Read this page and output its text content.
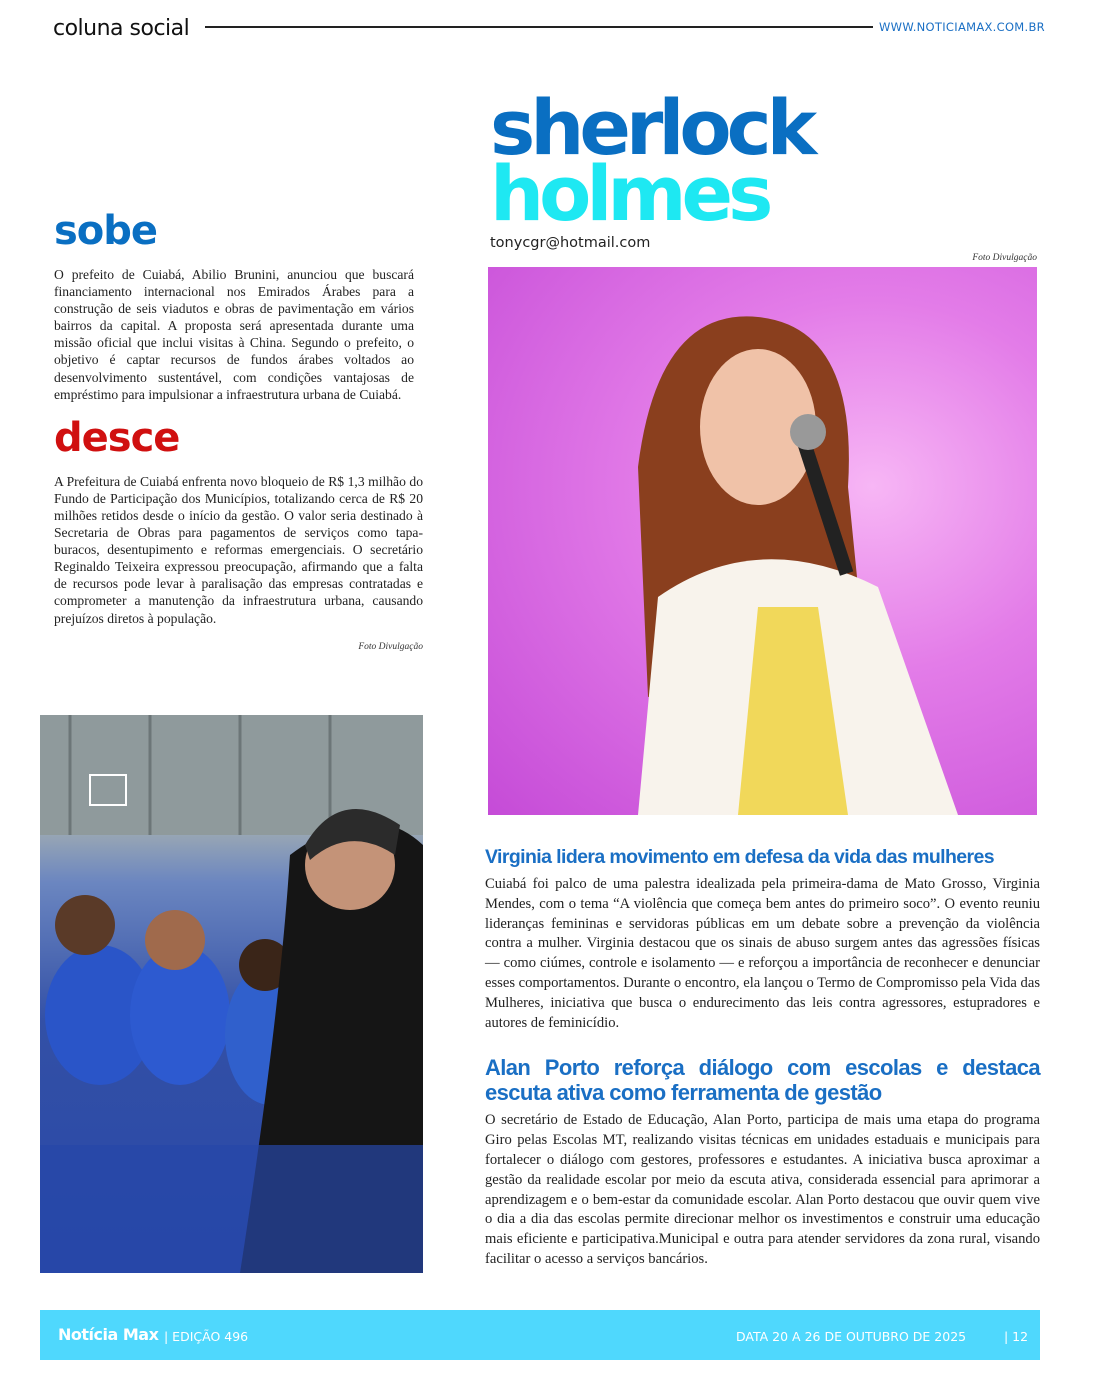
coluna social	WWW.NOTICIAMAX.COM.BR
sobe

O prefeito de Cuiabá, Abilio Brunini, anunciou que buscará financiamento internacional nos Emirados Árabes para a construção de seis viadutos e obras de pavimentação em vários bairros da capital. A proposta será apresentada durante uma missão oficial que inclui visitas à China. Segundo o prefeito, o objetivo é captar recursos de fundos árabes voltados ao desenvolvimento sustentável, com condições vantajosas de empréstimo para impulsionar a infraestrutura urbana de Cuiabá.

desce

A Prefeitura de Cuiabá enfrenta novo bloqueio de R$ 1,3 milhão do Fundo de Participação dos Municípios, totalizando cerca de R$ 20 milhões retidos desde o início da gestão. O valor seria destinado à Secretaria de Obras para pagamentos de serviços como tapa-buracos, desentupimento e reformas emergenciais. O secretário Reginaldo Teixeira expressou preocupação, afirmando que a falta de recursos pode levar à paralisação das empresas contratadas e comprometer a manutenção da infraestrutura urbana, causando prejuízos diretos à população.

Foto Divulgação
sherlock
holmes
tonycgr@hotmail.com
Foto Divulgação
Virginia lidera movimento em defesa da vida das mulheres

Cuiabá foi palco de uma palestra idealizada pela primeira-dama de Mato Grosso, Virginia Mendes, com o tema “A violência que começa bem antes do primeiro soco”. O evento reuniu lideranças femininas e servidoras públicas em um debate sobre a prevenção da violência contra a mulher. Virginia destacou que os sinais de abuso surgem antes das agressões físicas — como ciúmes, controle e isolamento — e reforçou a importância de reconhecer e denunciar esses comportamentos. Durante o encontro, ela lançou o Termo de Compromisso pela Vida das Mulheres, iniciativa que busca o endurecimento das leis contra agressores, estupradores e autores de feminicídio.

Alan Porto reforça diálogo com escolas e destaca escuta ativa como ferramenta de gestão

O secretário de Estado de Educação, Alan Porto, participa de mais uma etapa do programa Giro pelas Escolas MT, realizando visitas técnicas em unidades estaduais e municipais para fortalecer o diálogo com gestores, professores e estudantes. A iniciativa busca aproximar a gestão da realidade escolar por meio da escuta ativa, considerada essencial para aprimorar a aprendizagem e o bem-estar da comunidade escolar. Alan Porto destacou que ouvir quem vive o dia a dia das escolas permite direcionar melhor os investimentos e construir uma educação mais eficiente e participativa.Municipal e outra para atender servidores da zona rural, visando facilitar o acesso a serviços bancários.

Notícia Max | EDIÇÃO 496	DATA 20 A 26 DE OUTUBRO DE 2025	| 12
